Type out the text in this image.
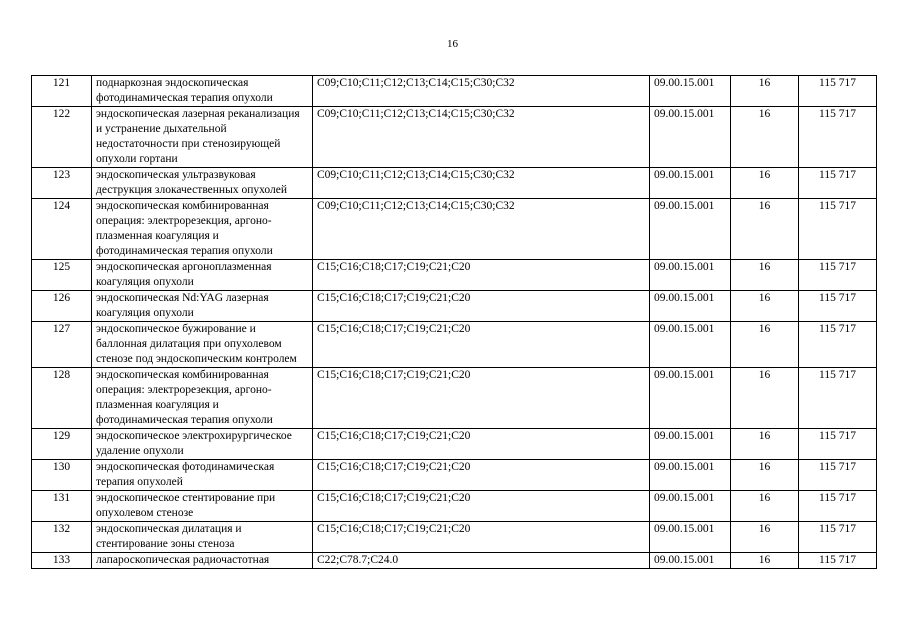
16
121	поднаркозная эндоскопическая фотодинамическая терапия опухоли	C09;C10;C11;C12;C13;C14;C15;C30;C32	09.00.15.001	16	115 717
122	эндоскопическая лазерная реканализация и устранение дыхательной недостаточности при стенозирующей опухоли гортани	C09;C10;C11;C12;C13;C14;C15;C30;C32	09.00.15.001	16	115 717
123	эндоскопическая ультразвуковая деструкция злокачественных опухолей	C09;C10;C11;C12;C13;C14;C15;C30;C32	09.00.15.001	16	115 717
124	эндоскопическая комбинированная операция: электрорезекция, аргоно-плазменная коагуляция и фотодинамическая терапия опухоли	C09;C10;C11;C12;C13;C14;C15;C30;C32	09.00.15.001	16	115 717
125	эндоскопическая аргоноплазменная коагуляция опухоли	C15;C16;C18;C17;C19;C21;C20	09.00.15.001	16	115 717
126	эндоскопическая Nd:YAG лазерная коагуляция опухоли	C15;C16;C18;C17;C19;C21;C20	09.00.15.001	16	115 717
127	эндоскопическое бужирование и баллонная дилатация при опухолевом стенозе под эндоскопическим контролем	C15;C16;C18;C17;C19;C21;C20	09.00.15.001	16	115 717
128	эндоскопическая комбинированная операция: электрорезекция, аргоно-плазменная коагуляция и фотодинамическая терапия опухоли	C15;C16;C18;C17;C19;C21;C20	09.00.15.001	16	115 717
129	эндоскопическое электрохирургическое удаление опухоли	C15;C16;C18;C17;C19;C21;C20	09.00.15.001	16	115 717
130	эндоскопическая фотодинамическая терапия опухолей	C15;C16;C18;C17;C19;C21;C20	09.00.15.001	16	115 717
131	эндоскопическое стентирование при опухолевом стенозе	C15;C16;C18;C17;C19;C21;C20	09.00.15.001	16	115 717
132	эндоскопическая дилатация и стентирование зоны стеноза	C15;C16;C18;C17;C19;C21;C20	09.00.15.001	16	115 717
133	лапароскопическая радиочастотная	C22;C78.7;C24.0	09.00.15.001	16	115 717
